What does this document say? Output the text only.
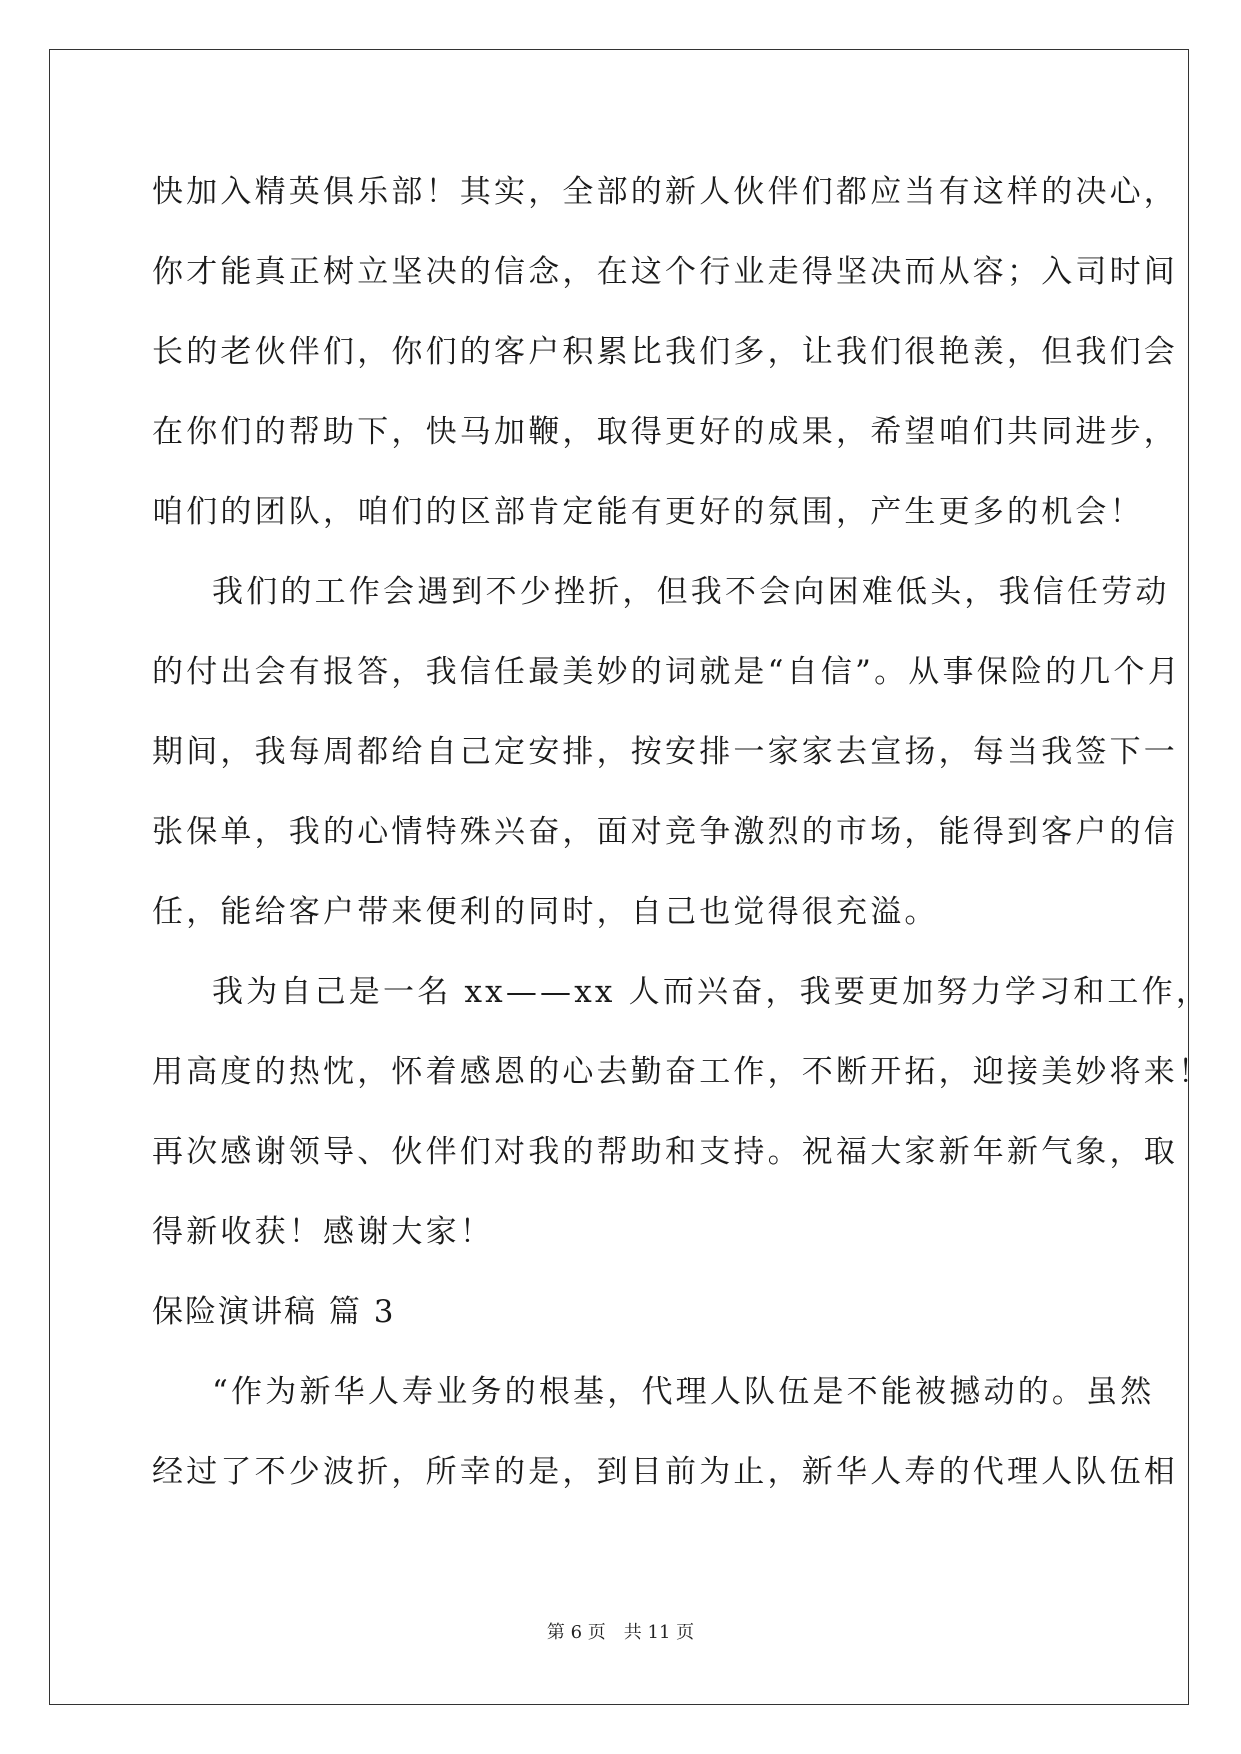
快加入精英俱乐部！其实，全部的新人伙伴们都应当有这样的决心，
你才能真正树立坚决的信念，在这个行业走得坚决而从容；入司时间
长的老伙伴们，你们的客户积累比我们多，让我们很艳羡，但我们会
在你们的帮助下，快马加鞭，取得更好的成果，希望咱们共同进步，
咱们的团队，咱们的区部肯定能有更好的氛围，产生更多的机会！
我们的工作会遇到不少挫折，但我不会向困难低头，我信任劳动
的付出会有报答，我信任最美妙的词就是“自信”。从事保险的几个月
期间，我每周都给自己定安排，按安排一家家去宣扬，每当我签下一
张保单，我的心情特殊兴奋，面对竞争激烈的市场，能得到客户的信
任，能给客户带来便利的同时，自己也觉得很充溢。
我为自己是一名 xx——xx 人而兴奋，我要更加努力学习和工作，
用高度的热忱，怀着感恩的心去勤奋工作，不断开拓，迎接美妙将来！
再次感谢领导、伙伴们对我的帮助和支持。祝福大家新年新气象，取
得新收获！感谢大家！
保险演讲稿 篇 3
“作为新华人寿业务的根基，代理人队伍是不能被撼动的。虽然
经过了不少波折，所幸的是，到目前为止，新华人寿的代理人队伍相
第 6 页　共 11 页
